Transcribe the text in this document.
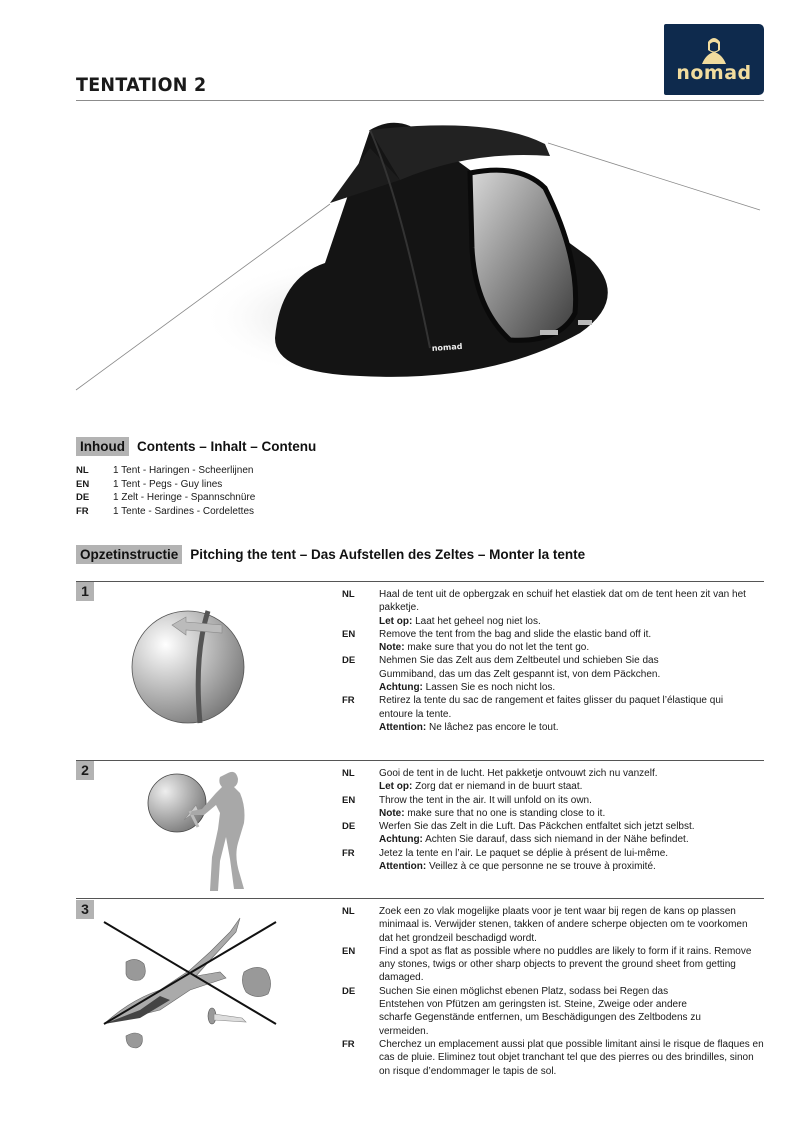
TENTATION 2
nomad
nomad
Inhoud Contents – Inhalt – Contenu
NL	1 Tent - Haringen - Scheerlijnen
EN	1 Tent - Pegs - Guy lines
DE	1 Zelt - Heringe - Spannschnüre
FR	1 Tente - Sardines - Cordelettes
Opzetinstructie Pitching the tent – Das Aufstellen des Zeltes – Monter la tente
1	NL	Haal de tent uit de opbergzak en schuif het elastiek dat om de tent heen zit van het pakketje.
Let op: Laat het geheel nog niet los.
EN	Remove the tent from the bag and slide the elastic band off it.
Note: make sure that you do not let the tent go.
DE	Nehmen Sie das Zelt aus dem Zeltbeutel und schieben Sie das Gummiband, das um das Zelt gespannt ist, von dem Päckchen.
Achtung: Lassen Sie es noch nicht los.
FR	Retirez la tente du sac de rangement et faites glisser du paquet l’élastique qui entoure la tente.
Attention: Ne lâchez pas encore le tout.
2	NL	Gooi de tent in de lucht. Het pakketje ontvouwt zich nu vanzelf.
Let op: Zorg dat er niemand in de buurt staat.
EN	Throw the tent in the air. It will unfold on its own.
Note: make sure that no one is standing close to it.
DE	Werfen Sie das Zelt in die Luft. Das Päckchen entfaltet sich jetzt selbst.
Achtung: Achten Sie darauf, dass sich niemand in der Nähe befindet.
FR	Jetez la tente en l’air. Le paquet se déplie à présent de lui-même.
Attention: Veillez à ce que personne ne se trouve à proximité.
3	NL	Zoek een zo vlak mogelijke plaats voor je tent waar bij regen de kans op plassen minimaal is. Verwijder stenen, takken of andere scherpe objecten om te voorkomen dat het grondzeil beschadigd wordt.
EN	Find a spot as flat as possible where no puddles are likely to form if it rains. Remove any stones, twigs or other sharp objects to prevent the ground sheet from getting damaged.
DE	Suchen Sie einen möglichst ebenen Platz, sodass bei Regen das Entstehen von Pfützen am geringsten ist. Steine, Zweige oder andere scharfe Gegenstände entfernen, um Beschädigungen des Zeltbodens zu vermeiden.
FR	Cherchez un emplacement aussi plat que possible limitant ainsi le risque de flaques en cas de pluie. Eliminez tout objet tranchant tel que des pierres ou des brindilles, sinon on risque d’endommager le tapis de sol.
